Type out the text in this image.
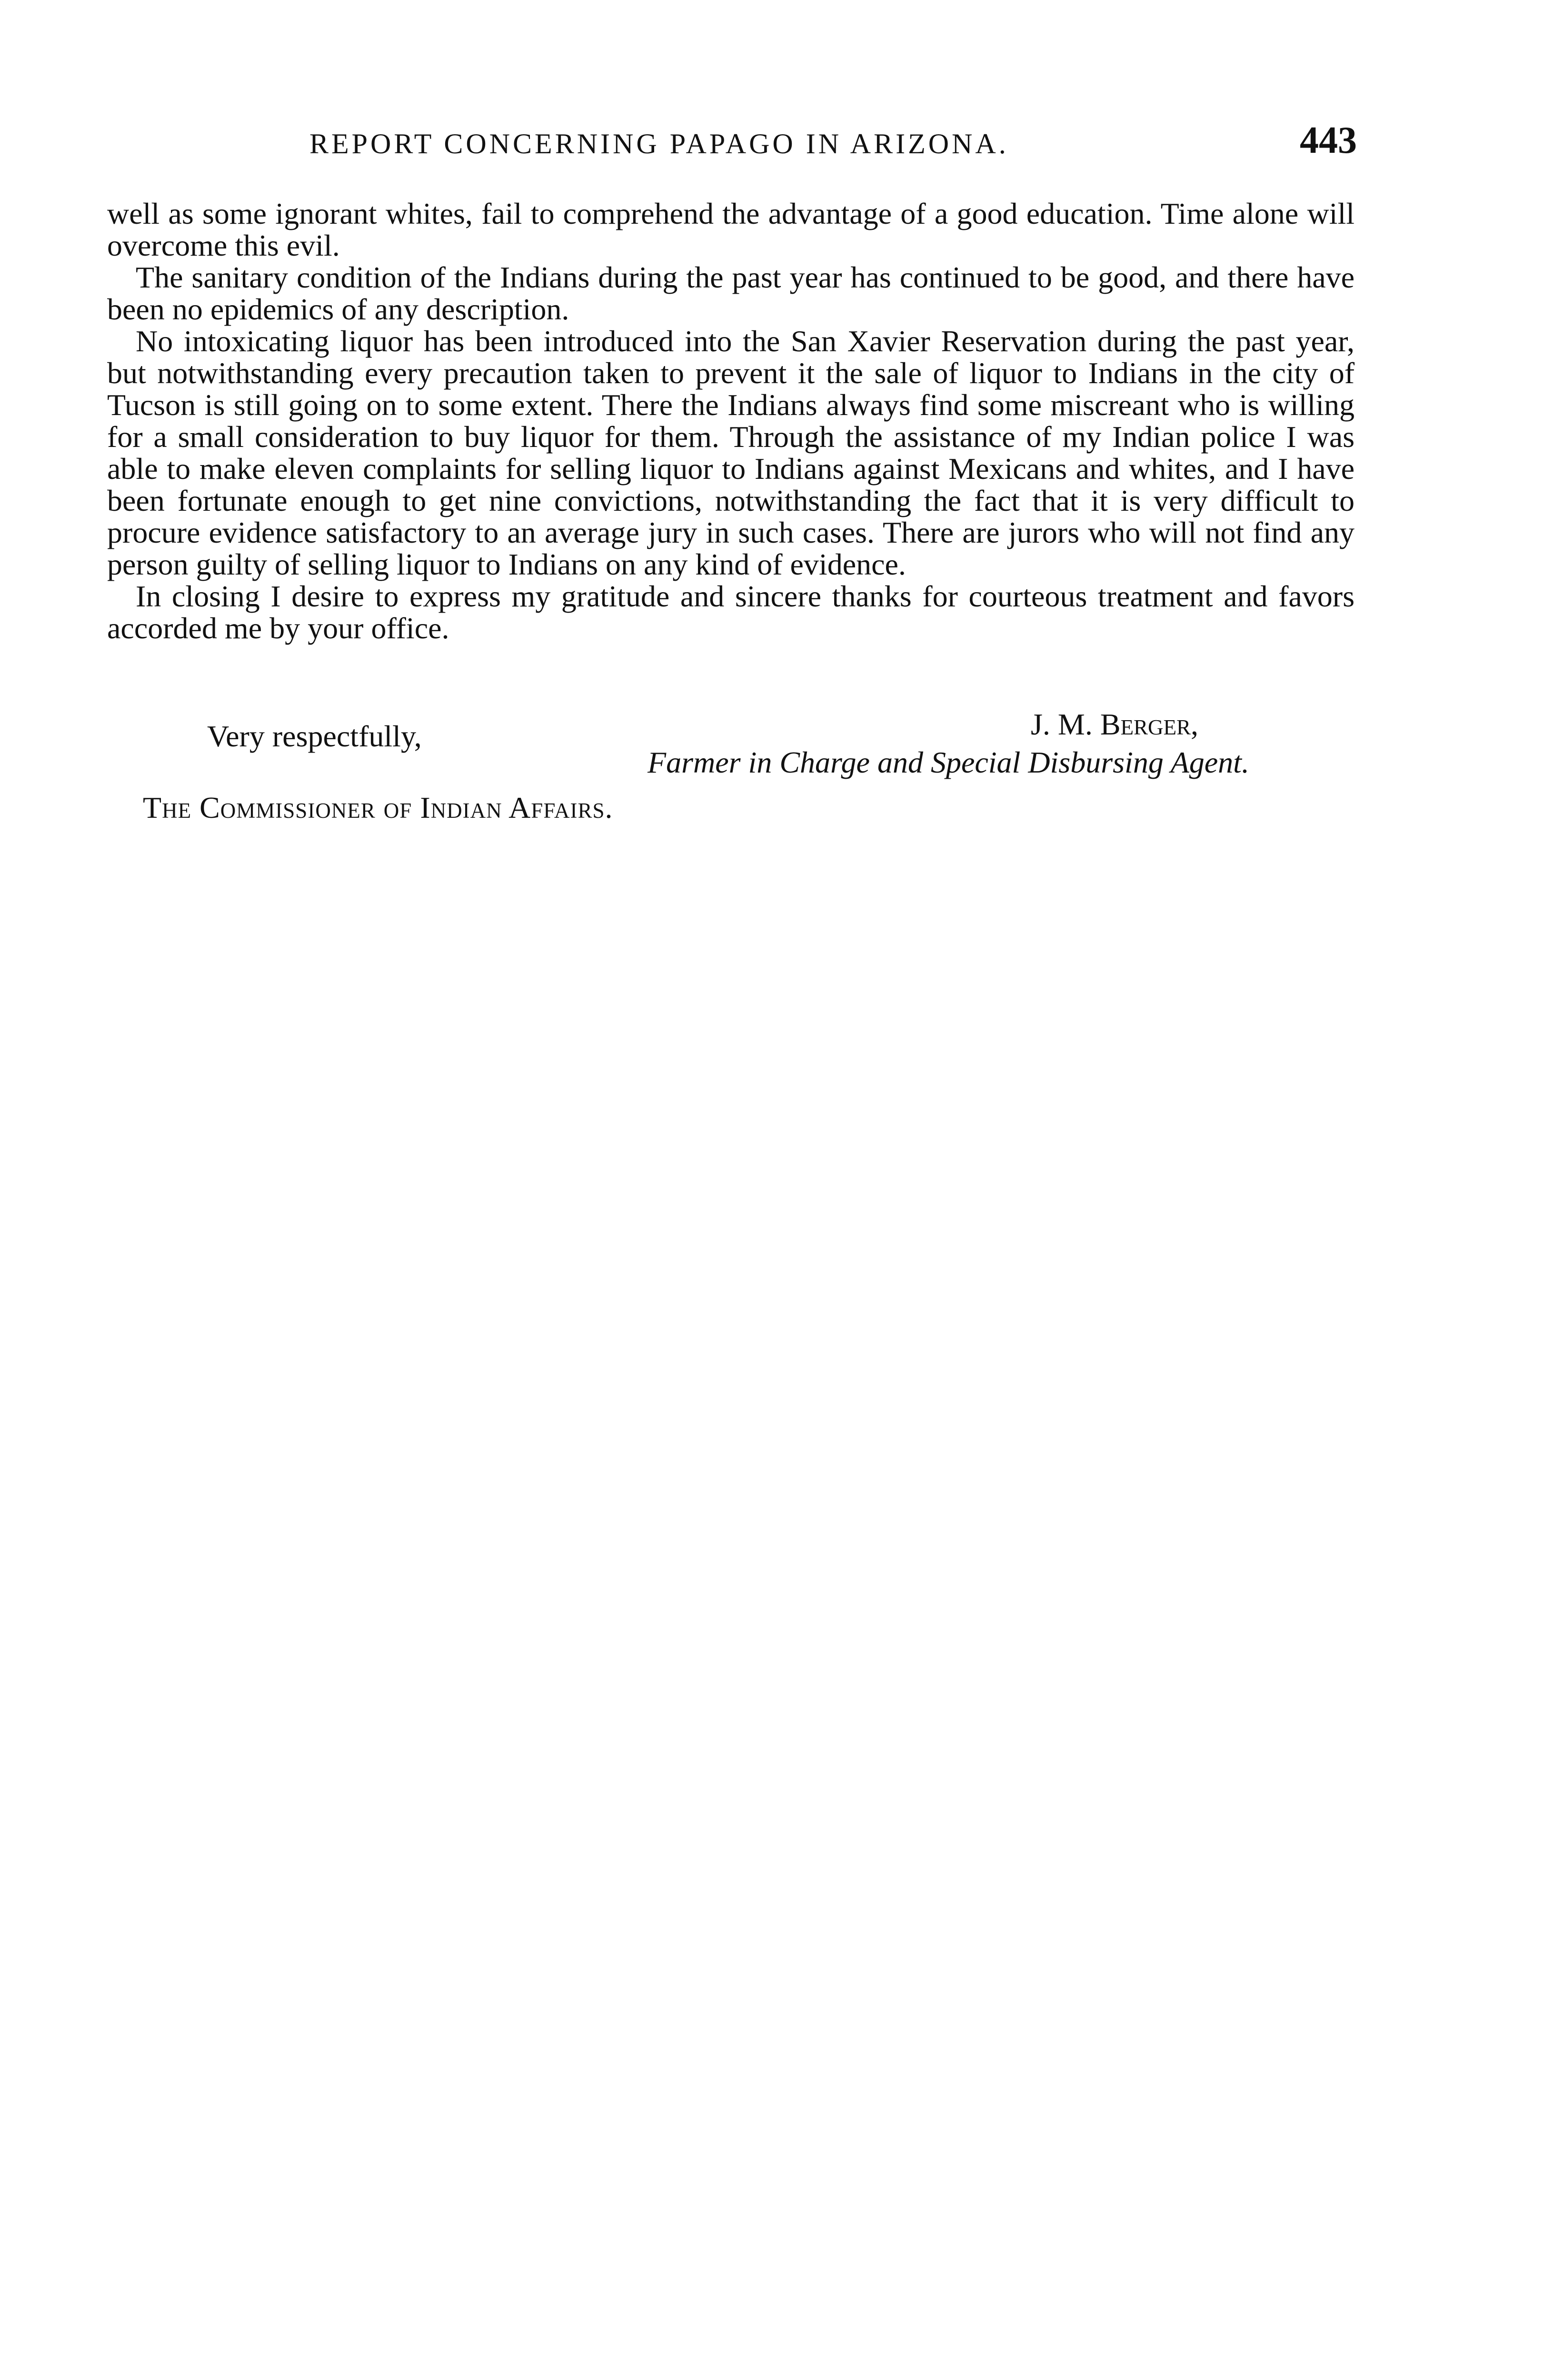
REPORT CONCERNING PAPAGO IN ARIZONA.	443

well as some ignorant whites, fail to comprehend the advantage of a good education. Time alone will overcome this evil.

The sanitary condition of the Indians during the past year has continued to be good, and there have been no epidemics of any description.

No intoxicating liquor has been introduced into the San Xavier Reservation during the past year, but notwithstanding every precaution taken to prevent it the sale of liquor to Indians in the city of Tucson is still going on to some extent. There the Indians always find some miscreant who is willing for a small consideration to buy liquor for them. Through the assistance of my Indian police I was able to make eleven complaints for selling liquor to Indians against Mexicans and whites, and I have been fortunate enough to get nine convictions, notwithstanding the fact that it is very difficult to procure evidence satisfactory to an average jury in such cases. There are jurors who will not find any person guilty of selling liquor to Indians on any kind of evidence.

In closing I desire to express my gratitude and sincere thanks for courteous treatment and favors accorded me by your office.

J. M. Berger,
Very respectfully,
Farmer in Charge and Special Disbursing Agent.
The Commissioner of Indian Affairs.
